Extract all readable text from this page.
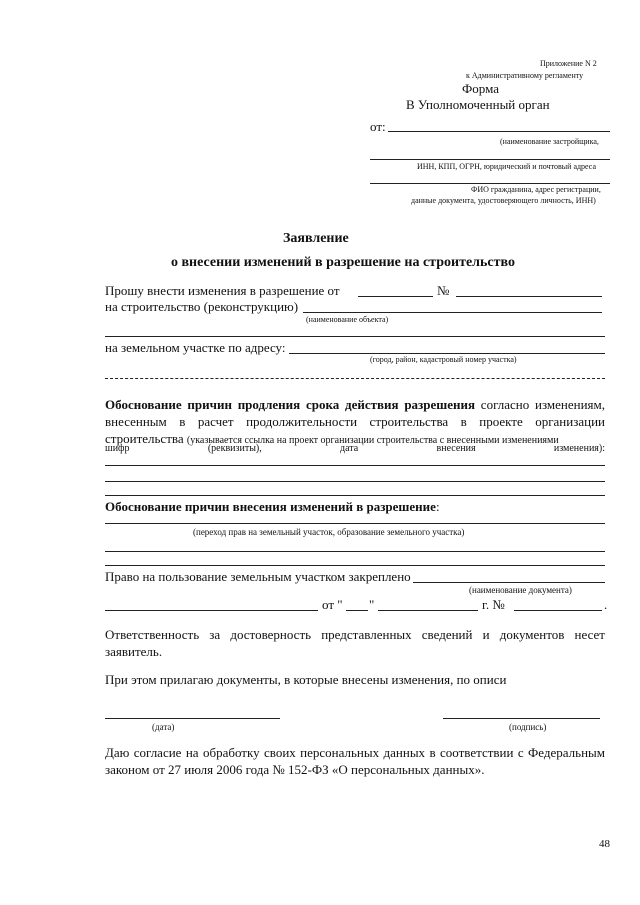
Приложение N 2
к Административному регламенту
Форма
В Уполномоченный орган
от:
(наименование застройщика,
ИНН, КПП, ОГРН, юридический и почтовый адреса
ФИО гражданина, адрес регистрации,
данные документа, удостоверяющего личность, ИНН)
Заявление
о внесении изменений в разрешение на строительство
Прошу внести изменения в разрешение от	№
на строительство (реконструкцию)
(наименование объекта)
на земельном участке по адресу:
(город, район, кадастровый номер участка)
Обоснование причин продления срока действия разрешения согласно изменениям,
внесенным в расчет продолжительности строительства в проекте организации
строительства (указывается ссылка на проект организации строительства с внесенными изменениями
шифр (реквизиты), дата внесения изменения):
Обоснование причин внесения изменений в разрешение:
(переход прав на земельный участок, образование земельного участка)
Право на пользование земельным участком закреплено
(наименование документа)
от " "	г. №	.
Ответственность за достоверность представленных сведений и документов несет
заявитель.
При этом прилагаю документы, в которые внесены изменения, по описи
(дата)	(подпись)
Даю согласие на обработку своих персональных данных в соответствии с Федеральным
законом от 27 июля 2006 года № 152-ФЗ «О персональных данных».
48
